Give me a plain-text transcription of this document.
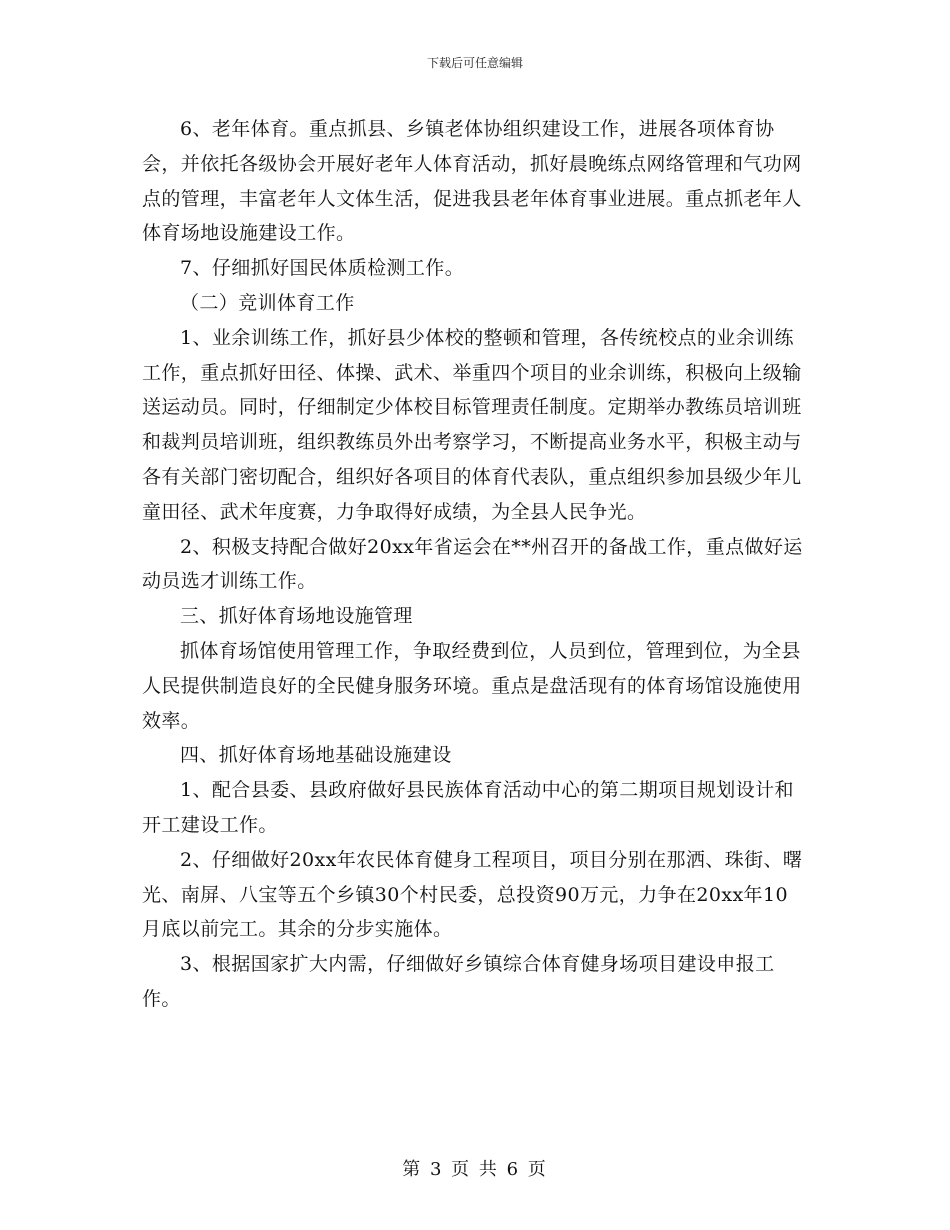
下载后可任意编辑

6、老年体育。重点抓县、乡镇老体协组织建设工作，进展各项体育协会，并依托各级协会开展好老年人体育活动，抓好晨晚练点网络管理和气功网点的管理，丰富老年人文体生活，促进我县老年体育事业进展。重点抓老年人体育场地设施建设工作。

7、仔细抓好国民体质检测工作。

（二）竞训体育工作

1、业余训练工作，抓好县少体校的整顿和管理，各传统校点的业余训练工作，重点抓好田径、体操、武术、举重四个项目的业余训练，积极向上级输送运动员。同时，仔细制定少体校目标管理责任制度。定期举办教练员培训班和裁判员培训班，组织教练员外出考察学习，不断提高业务水平，积极主动与各有关部门密切配合，组织好各项目的体育代表队，重点组织参加县级少年儿童田径、武术年度赛，力争取得好成绩，为全县人民争光。

2、积极支持配合做好20xx年省运会在**州召开的备战工作，重点做好运动员选才训练工作。

三、抓好体育场地设施管理

抓体育场馆使用管理工作，争取经费到位，人员到位，管理到位，为全县人民提供制造良好的全民健身服务环境。重点是盘活现有的体育场馆设施使用效率。

四、抓好体育场地基础设施建设

1、配合县委、县政府做好县民族体育活动中心的第二期项目规划设计和开工建设工作。

2、仔细做好20xx年农民体育健身工程项目，项目分别在那洒、珠街、曙光、南屏、八宝等五个乡镇30个村民委，总投资90万元，力争在20xx年10月底以前完工。其余的分步实施体。

3、根据国家扩大内需，仔细做好乡镇综合体育健身场项目建设申报工作。

第 3 页 共 6 页
